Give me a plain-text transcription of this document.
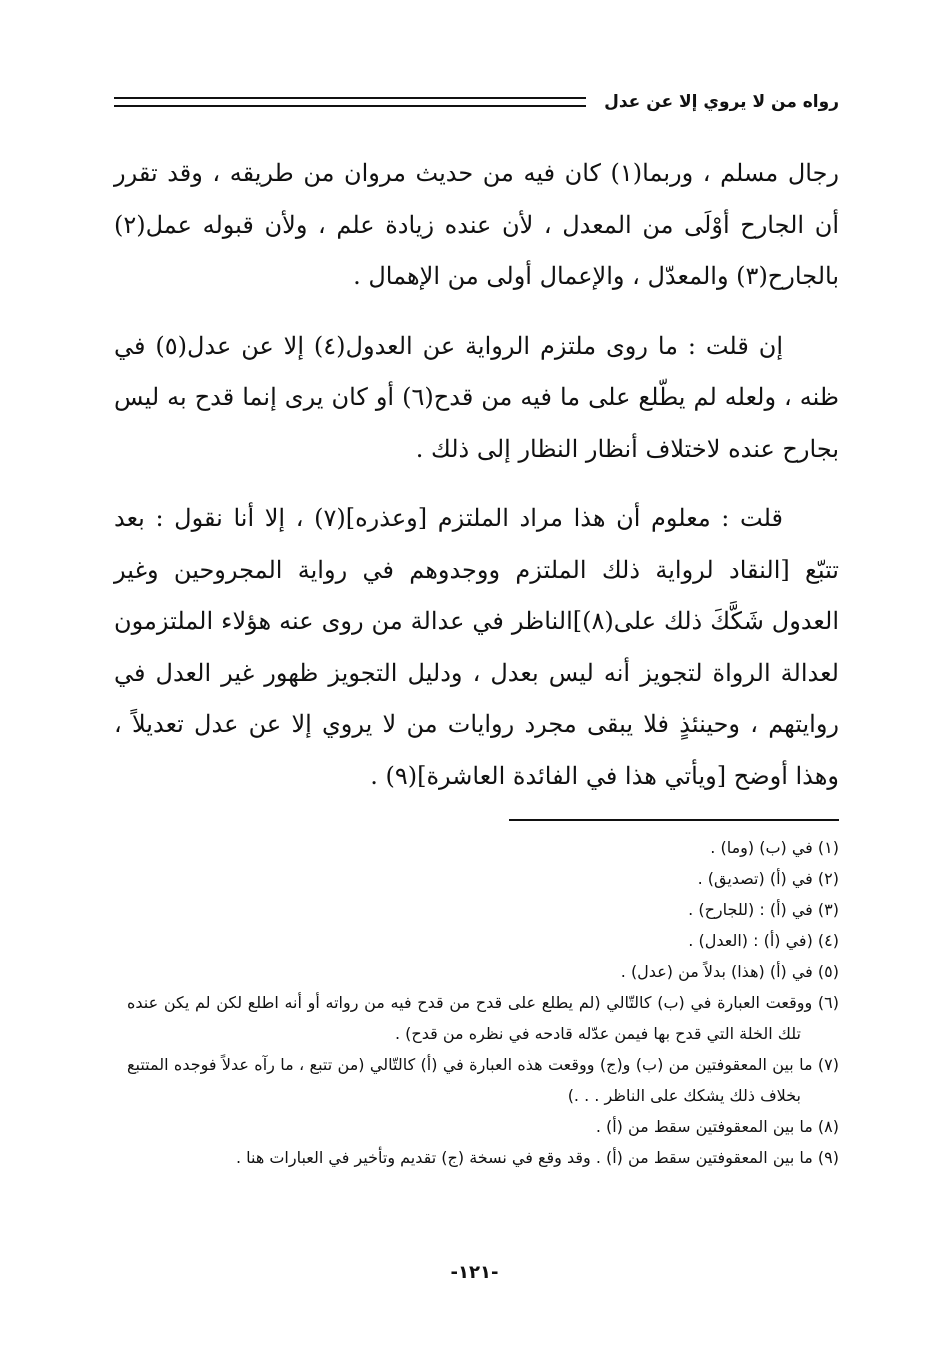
رواه من لا يروي إلا عن عدل

رجال مسلم ، وربما(١) كان فيه من حديث مروان من طريقه ، وقد تقرر أن الجارح أوْلَى من المعدل ، لأن عنده زيادة علم ، ولأن قبوله عمل(٢) بالجارح(٣) والمعدّل ، والإعمال أولى من الإهمال .

إن قلت : ما روى ملتزم الرواية عن العدول(٤) إلا عن عدل(٥) في ظنه ، ولعله لم يطّلع على ما فيه من قدح(٦) أو كان يرى إنما قدح به ليس بجارح عنده لاختلاف أنظار النظار إلى ذلك .

قلت : معلوم أن هذا مراد الملتزم [وعذره](٧) ، إلا أنا نقول : بعد تتبّع [النقاد لرواية ذلك الملتزم ووجدوهم في رواية المجروحين وغير العدول شَكَّكَ ذلك على(٨)]الناظر في عدالة من روى عنه هؤلاء الملتزمون لعدالة الرواة لتجويز أنه ليس بعدل ، ودليل التجويز ظهور غير العدل في روايتهم ، وحينئذٍ فلا يبقى مجرد روايات من لا يروي إلا عن عدل تعديلاً ، وهذا أوضح [ويأتي هذا في الفائدة العاشرة](٩) .

(١) في (ب) (وما) .

(٢) في (أ) (تصديق) .

(٣) في (أ) : (للجارح) .

(٤) (في (أ) : (العدل) .

(٥) في (أ) (هذا) بدلاً من (عدل) .

(٦) ووقعت العبارة في (ب) كالتّالي (لم يطلع على قدح من قدح فيه من رواته أو أنه اطلع لكن لم يكن عنده تلك الخلة التي قدح بها فيمن عدّله قادحه في نظره من قدح) .

(٧) ما بين المعقوفتين من (ب) و(ج) ووقعت هذه العبارة في (أ) كالتّالي (من تتبع ، ما رآه عدلاً فوجده المتتبع بخلاف ذلك يشكك على الناظر . . .)

(٨) ما بين المعقوفتين سقط من (أ) .

(٩) ما بين المعقوفتين سقط من (أ) . وقد وقع في نسخة (ج) تقديم وتأخير في العبارات هنا .

-١٢١-
